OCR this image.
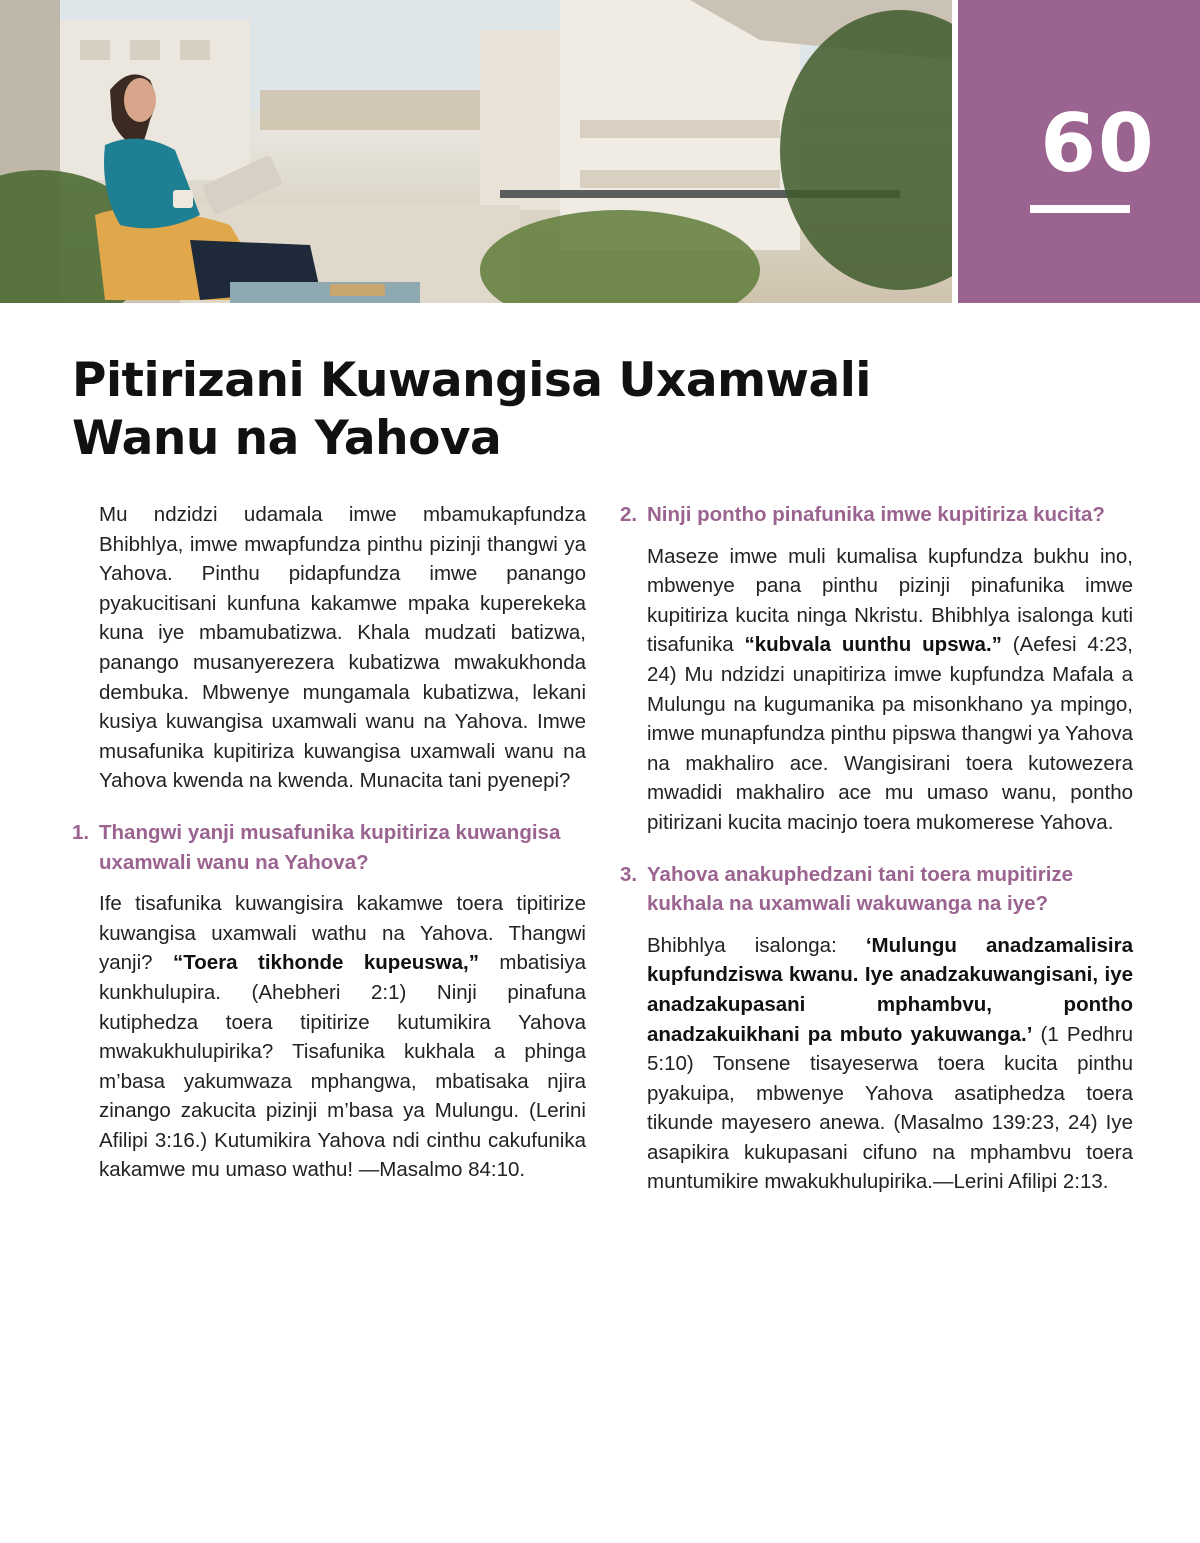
60
Pitirizani Kuwangisa Uxamwali
Wanu na Yahova

Mu ndzidzi udamala imwe mbamukapfundza Bhibhlya, imwe mwapfundza pinthu pizinji thangwi ya Yahova. Pinthu pidapfundza imwe panango pyakucitisani kunfuna kakamwe mpaka kuperekeka kuna iye mbamubatizwa. Khala mudzati batizwa, panango musanyerezera kubatizwa mwakukhonda dembuka. Mbwenye mungamala kubatizwa, lekani kusiya kuwangisa uxamwali wanu na Yahova. Imwe musafunika kupitiriza kuwangisa uxamwali wanu na Yahova kwenda na kwenda. Munacita tani pyenepi?

1. Thangwi yanji musafunika kupitiriza kuwangisa uxamwali wanu na Yahova?

Ife tisafunika kuwangisira kakamwe toera tipitirize kuwangisa uxamwali wathu na Yahova. Thangwi yanji? “Toera tikhonde kupeuswa,” mbatisiya kunkhulupira. (Ahebheri 2:1) Ninji pinafuna kutiphedza toera tipitirize kutumikira Yahova mwakukhulupirika? Tisafunika kukhala a phinga m’basa yakumwaza mphangwa, mbatisaka njira zinango zakucita pizinji m’basa ya Mulungu. (Lerini Afilipi 3:16.) Kutumikira Yahova ndi cinthu cakufunika kakamwe mu umaso wathu! —Masalmo 84:10.

2. Ninji pontho pinafunika imwe kupitiriza kucita?

Maseze imwe muli kumalisa kupfundza bukhu ino, mbwenye pana pinthu pizinji pinafunika imwe kupitiriza kucita ninga Nkristu. Bhibhlya isalonga kuti tisafunika “kubvala uunthu upswa.” (Aefesi 4:23, 24) Mu ndzidzi unapitiriza imwe kupfundza Mafala a Mulungu na kugumanika pa misonkhano ya mpingo, imwe munapfundza pinthu pipswa thangwi ya Yahova na makhaliro ace. Wangisirani toera kutowezera mwadidi makhaliro ace mu umaso wanu, pontho pitirizani kucita macinjo toera mukomerese Yahova.

3. Yahova anakuphedzani tani toera mupitirize kukhala na uxamwali wakuwanga na iye?

Bhibhlya isalonga: ‘Mulungu anadzamalisira kupfundziswa kwanu. Iye anadzakuwangisani, iye anadzakupasani mphambvu, pontho anadzakuikhani pa mbuto yakuwanga.’ (1 Pedhru 5:10) Tonsene tisayeserwa toera kucita pinthu pyakuipa, mbwenye Yahova asatiphedza toera tikunde mayesero anewa. (Masalmo 139:23, 24) Iye asapikira kukupasani cifuno na mphambvu toera muntumikire mwakukhulupirika.—Lerini Afilipi 2:13.
